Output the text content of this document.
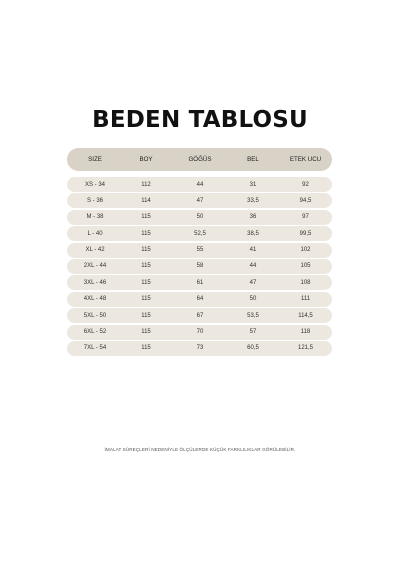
BEDEN TABLOSU
SIZE	BOY	GÖĞÜS	BEL	ETEK UCU
XS - 34	112	44	31	92
S - 36	114	47	33,5	94,5
M - 38	115	50	36	97
L - 40	115	52,5	38,5	99,5
XL - 42	115	55	41	102
2XL - 44	115	58	44	105
3XL - 46	115	61	47	108
4XL - 48	115	64	50	111
5XL - 50	115	67	53,5	114,5
6XL - 52	115	70	57	118
7XL - 54	115	73	60,5	121,5

İMALAT SÜREÇLERİ NEDENİYLE ÖLÇÜLERDE KÜÇÜK FARKLILIKLAR GÖRÜLEBİLİR.
